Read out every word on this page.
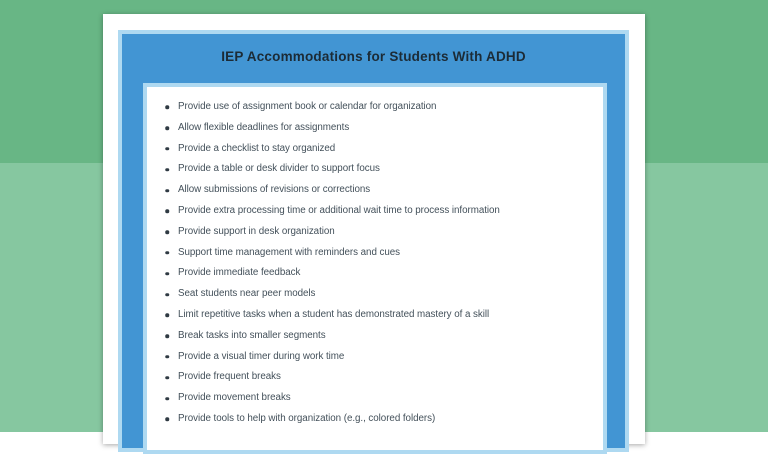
IEP Accommodations for Students With ADHD
Provide use of assignment book or calendar for organization
Allow flexible deadlines for assignments
Provide a checklist to stay organized
Provide a table or desk divider to support focus
Allow submissions of revisions or corrections
Provide extra processing time or additional wait time to process information
Provide support in desk organization
Support time management with reminders and cues
Provide immediate feedback
Seat students near peer models
Limit repetitive tasks when a student has demonstrated mastery of a skill
Break tasks into smaller segments
Provide a visual timer during work time
Provide frequent breaks
Provide movement breaks
Provide tools to help with organization (e.g., colored folders)
